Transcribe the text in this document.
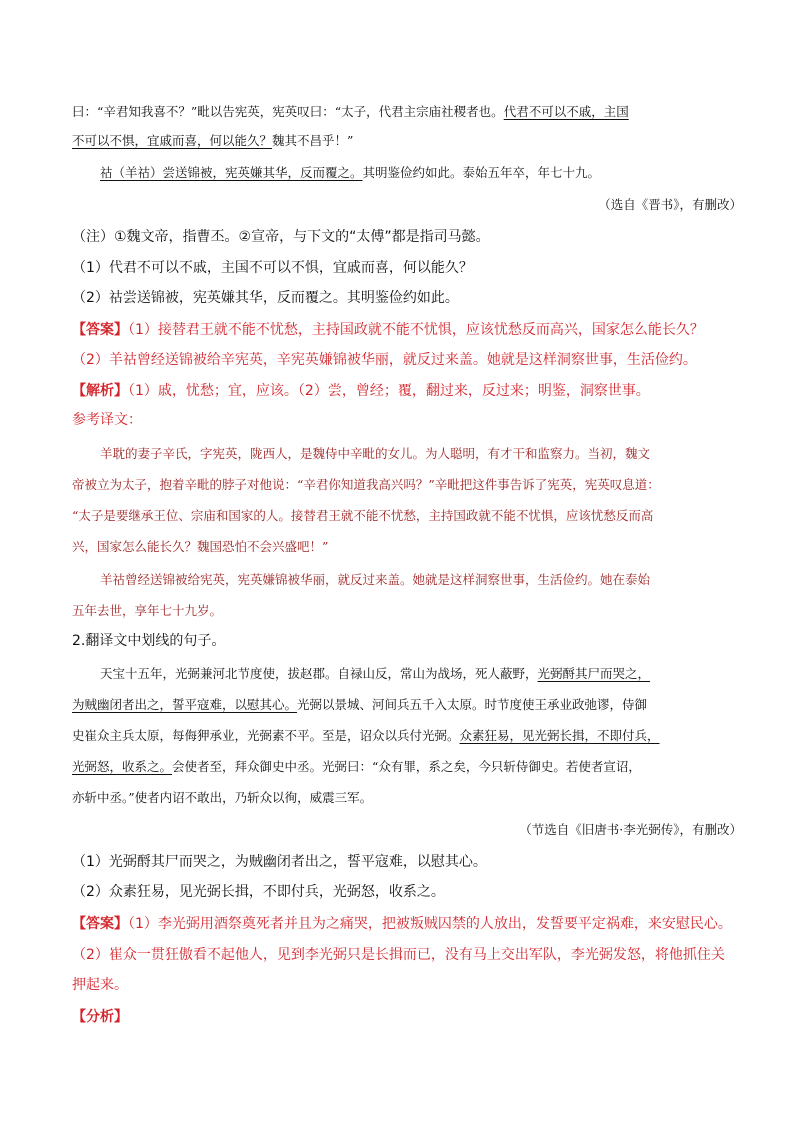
曰：“辛君知我喜不？”毗以告宪英，宪英叹曰：“太子，代君主宗庙社稷者也。代君不可以不戚，主国
不可以不惧，宜戚而喜，何以能久？魏其不昌乎！”
祜（羊祜）尝送锦被，宪英嫌其华，反而覆之。其明鉴俭约如此。泰始五年卒，年七十九。
（选自《晋书》，有删改）
（注）①魏文帝，指曹丕。②宣帝，与下文的“太傅”都是指司马懿。
（1）代君不可以不戚，主国不可以不惧，宜戚而喜，何以能久？
（2）祜尝送锦被，宪英嫌其华，反而覆之。其明鉴俭约如此。
【答案】（1）接替君王就不能不忧愁，主持国政就不能不忧惧，应该忧愁反而高兴，国家怎么能长久？
（2）羊祜曾经送锦被给辛宪英，辛宪英嫌锦被华丽，就反过来盖。她就是这样洞察世事，生活俭约。
【解析】（1）戚，忧愁；宜，应该。（2）尝，曾经；覆，翻过来，反过来；明鉴，洞察世事。
参考译文：
羊耽的妻子辛氏，字宪英，陇西人，是魏侍中辛毗的女儿。为人聪明，有才干和监察力。当初，魏文
帝被立为太子，抱着辛毗的脖子对他说：“辛君你知道我高兴吗？”辛毗把这件事告诉了宪英，宪英叹息道：
“太子是要继承王位、宗庙和国家的人。接替君王就不能不忧愁，主持国政就不能不忧惧，应该忧愁反而高
兴，国家怎么能长久？魏国恐怕不会兴盛吧！”
羊祜曾经送锦被给宪英，宪英嫌锦被华丽，就反过来盖。她就是这样洞察世事，生活俭约。她在泰始
五年去世，享年七十九岁。
2.翻译文中划线的句子。
天宝十五年，光弼兼河北节度使，拔赵郡。自禄山反，常山为战场，死人蔽野，光弼酹其尸而哭之，
为贼幽闭者出之，誓平寇难，以慰其心。光弼以景城、河间兵五千入太原。时节度使王承业政弛谬，侍御
史崔众主兵太原，每侮狎承业，光弼素不平。至是，诏众以兵付光弼。众素狂易，见光弼长揖，不即付兵，
光弼怒，收系之。会使者至，拜众御史中丞。光弼曰：“众有罪，系之矣，今只斩侍御史。若使者宣诏，
亦斩中丞。”使者内诏不敢出，乃斩众以徇，威震三军。
（节选自《旧唐书·李光弼传》，有删改）
（1）光弼酹其尸而哭之，为贼幽闭者出之，誓平寇难，以慰其心。
（2）众素狂易，见光弼长揖，不即付兵，光弼怒，收系之。
【答案】（1）李光弼用酒祭奠死者并且为之痛哭，把被叛贼囚禁的人放出，发誓要平定祸难，来安慰民心。
（2）崔众一贯狂傲看不起他人，见到李光弼只是长揖而已，没有马上交出军队，李光弼发怒，将他抓住关
押起来。
【分析】
